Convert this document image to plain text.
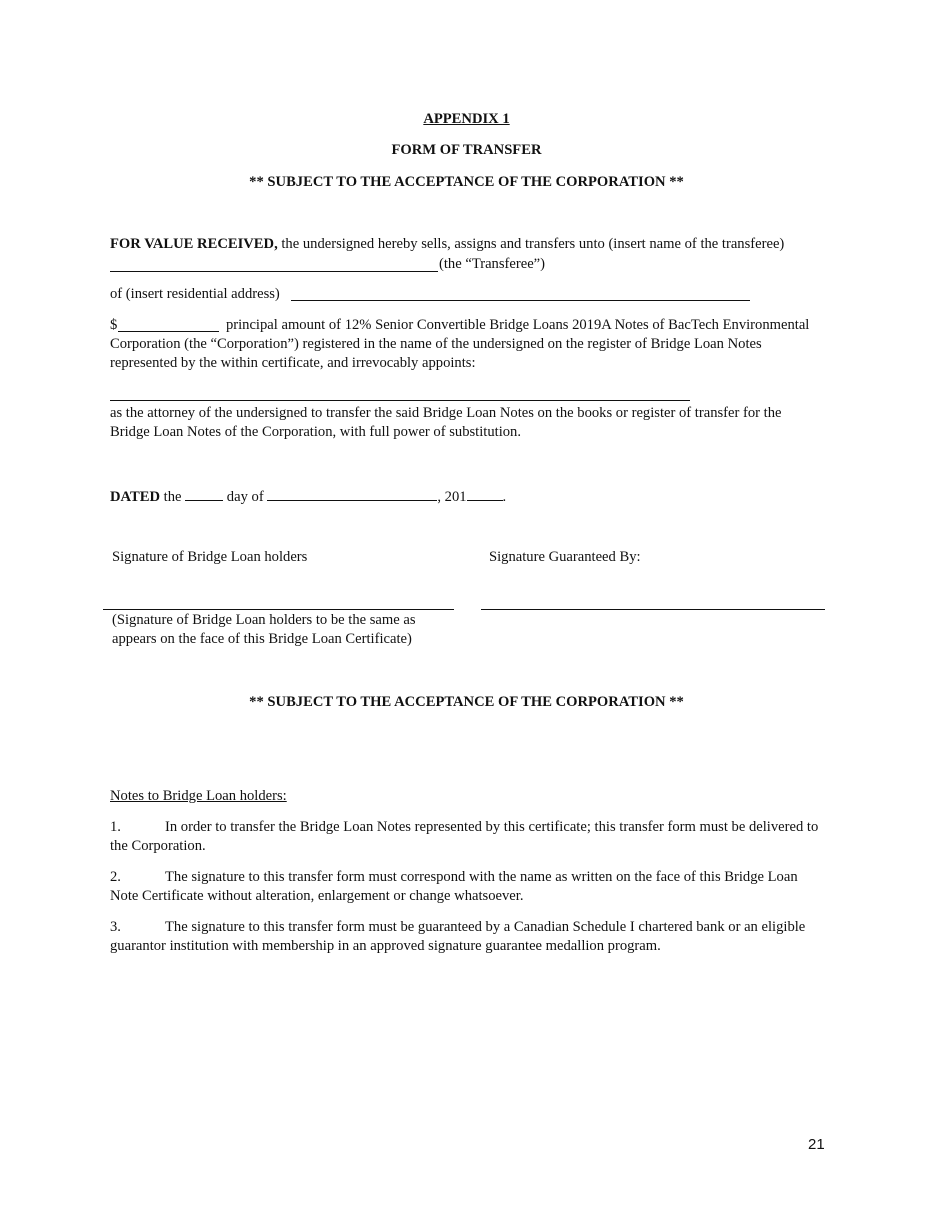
APPENDIX 1
FORM OF TRANSFER
** SUBJECT TO THE ACCEPTANCE OF THE CORPORATION **
FOR VALUE RECEIVED, the undersigned hereby sells, assigns and transfers unto (insert name of the transferee)
(the “Transferee”)
of (insert residential address)
$	principal amount of 12% Senior Convertible Bridge Loans 2019A Notes of BacTech Environmental Corporation (the “Corporation”) registered in the name of the undersigned on the register of Bridge Loan Notes represented by the within certificate, and irrevocably appoints:
as the attorney of the undersigned to transfer the said Bridge Loan Notes on the books or register of transfer for the Bridge Loan Notes of the Corporation, with full power of substitution.
DATED the	day of	, 201 .
Signature of Bridge Loan holders	Signature Guaranteed By:
(Signature of Bridge Loan holders to be the same as appears on the face of this Bridge Loan Certificate)
** SUBJECT TO THE ACCEPTANCE OF THE CORPORATION **
Notes to Bridge Loan holders:
1.	In order to transfer the Bridge Loan Notes represented by this certificate; this transfer form must be delivered to the Corporation.
2.	The signature to this transfer form must correspond with the name as written on the face of this Bridge Loan Note Certificate without alteration, enlargement or change whatsoever.
3.	The signature to this transfer form must be guaranteed by a Canadian Schedule I chartered bank or an eligible guarantor institution with membership in an approved signature guarantee medallion program.
21
